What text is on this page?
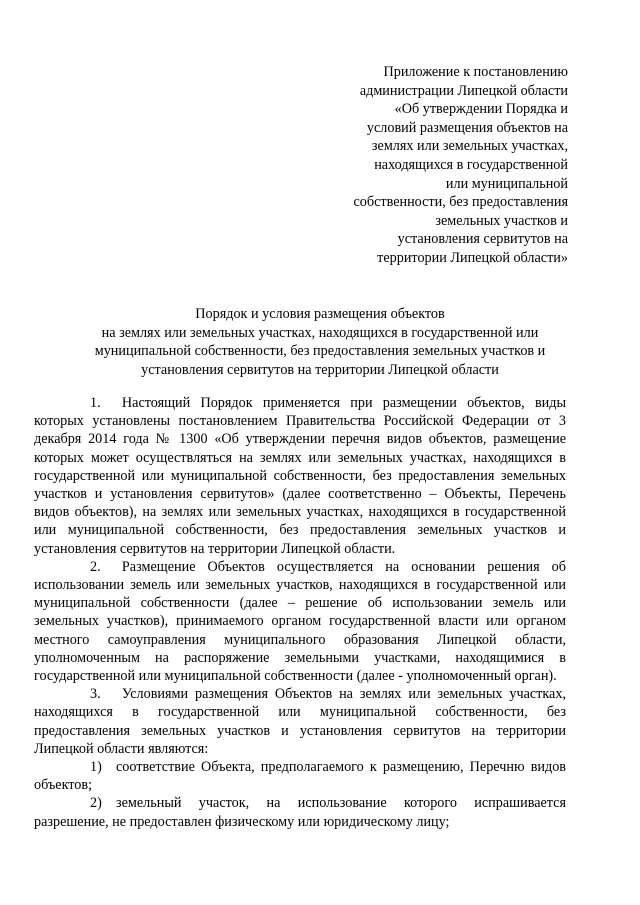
Приложение к постановлению
администрации Липецкой области
«Об утверждении Порядка и
условий размещения объектов на
землях или земельных участках,
находящихся в государственной
или муниципальной
собственности, без предоставления
земельных участков и
установления сервитутов на
территории Липецкой области»
Порядок и условия размещения объектов
на землях или земельных участках, находящихся в государственной или
муниципальной собственности, без предоставления земельных участков и
установления сервитутов на территории Липецкой области

1.  Настоящий Порядок применяется при размещении объектов, виды которых установлены постановлением Правительства Российской Федерации от 3 декабря 2014 года № 1300 «Об утверждении перечня видов объектов, размещение которых может осуществляться на землях или земельных участках, находящихся в государственной или муниципальной собственности, без предоставления земельных участков и установления сервитутов» (далее соответственно – Объекты, Перечень видов объектов), на землях или земельных участках, находящихся в государственной или муниципальной собственности, без предоставления земельных участков и установления сервитутов на территории Липецкой области.

2.  Размещение Объектов осуществляется на основании решения об использовании земель или земельных участков, находящихся в государственной или муниципальной собственности (далее – решение об использовании земель или земельных участков), принимаемого органом государственной власти или органом местного самоуправления муниципального образования Липецкой области, уполномоченным на распоряжение земельными участками, находящимися в государственной или муниципальной собственности (далее - уполномоченный орган).

3.  Условиями размещения Объектов на землях или земельных участках, находящихся в государственной или муниципальной собственности, без предоставления земельных участков и установления сервитутов на территории Липецкой области являются:

1) соответствие Объекта, предполагаемого к размещению, Перечню видов объектов;

2) земельный участок, на использование которого испрашивается разрешение, не предоставлен физическому или юридическому лицу;
